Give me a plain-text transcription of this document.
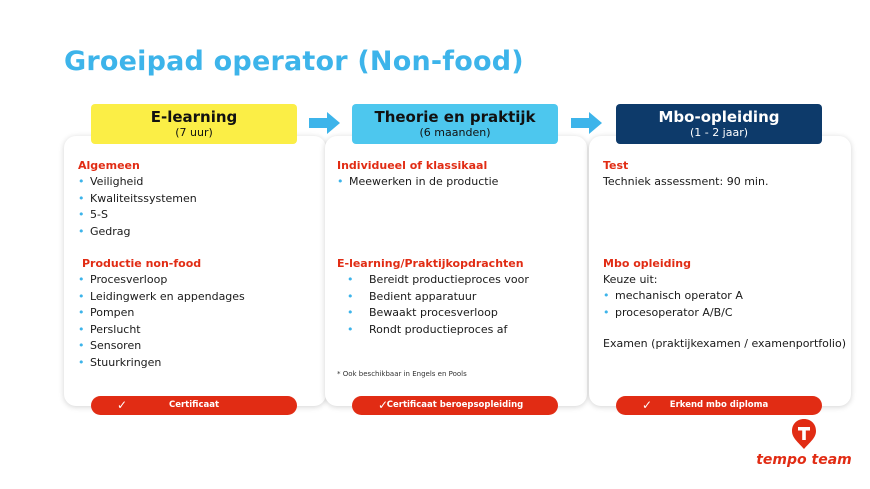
Groeipad operator (Non-food)
E-learning
(7 uur)
Algemeen
• Veiligheid
• Kwaliteitssystemen
• 5-S
• Gedrag
Productie non-food
• Procesverloop
• Leidingwerk en appendages
• Pompen
• Perslucht
• Sensoren
• Stuurkringen
✓	Certificaat
Theorie en praktijk
(6 maanden)
Individueel of klassikaal
• Meewerken in de productie
E-learning/Praktijkopdrachten
• Bereidt productieproces voor
• Bedient apparatuur
• Bewaakt procesverloop
• Rondt productieproces af
* Ook beschikbaar in Engels en Pools
✓
Certificaat beroepsopleiding
Mbo-opleiding
(1 - 2 jaar)
Test
Techniek assessment: 90 min.
Mbo opleiding
Keuze uit:
• mechanisch operator A
• procesoperator A/B/C
Examen (praktijkexamen / examenportfolio)
✓	Erkend mbo diploma
tempo team
